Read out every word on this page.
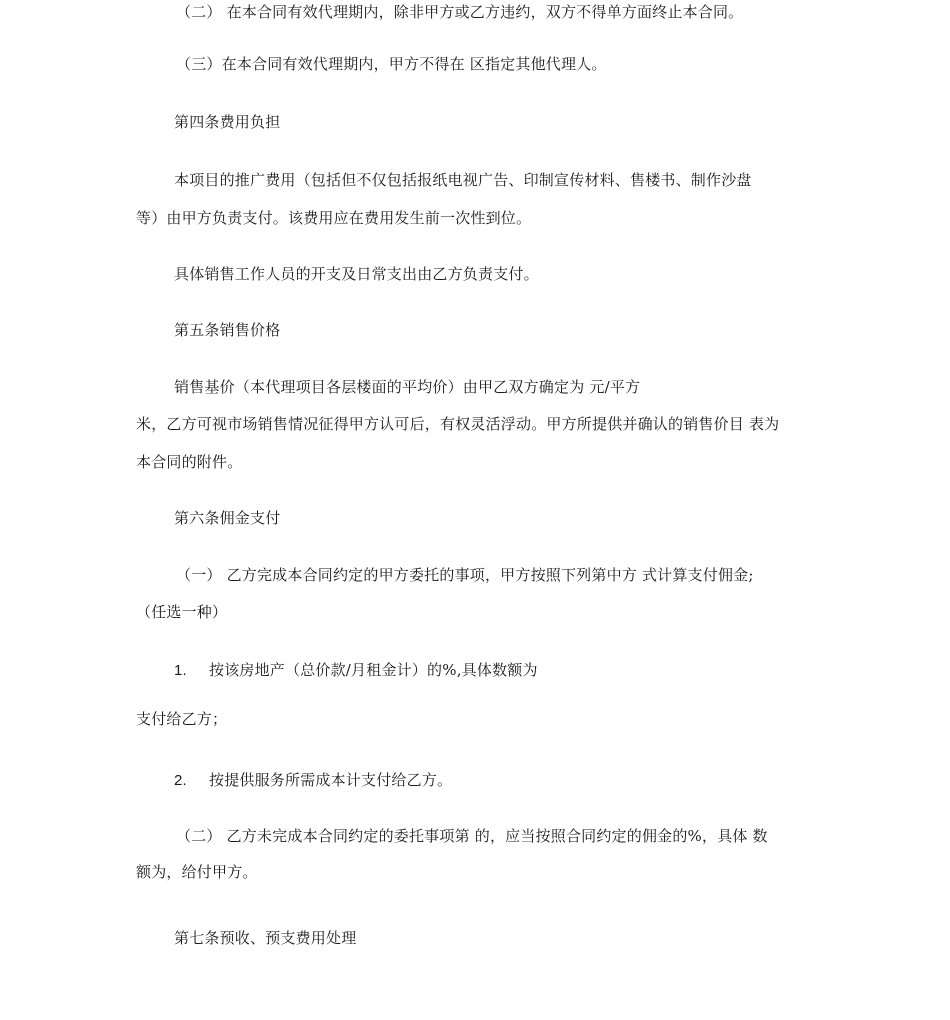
（二） 在本合同有效代理期内，除非甲方或乙方违约，双方不得单方面终止本合同。
（三）在本合同有效代理期内，甲方不得在 区指定其他代理人。
第四条费用负担
本项目的推广费用（包括但不仅包括报纸电视广告、印制宣传材料、售楼书、制作沙盘
等）由甲方负责支付。该费用应在费用发生前一次性到位。
具体销售工作人员的开支及日常支出由乙方负责支付。
第五条销售价格
销售基价（本代理项目各层楼面的平均价）由甲乙双方确定为 元/平方
米，乙方可视市场销售情况征得甲方认可后，有权灵活浮动。甲方所提供并确认的销售价目 表为
本合同的附件。
第六条佣金支付
（一） 乙方完成本合同约定的甲方委托的事项，甲方按照下列第中方 式计算支付佣金;
（任选一种）
1. 按该房地产（总价款/月租金计）的%,具体数额为
支付给乙方；
2. 按提供服务所需成本计支付给乙方。
（二） 乙方未完成本合同约定的委托事项第 的，应当按照合同约定的佣金的%，具体 数
额为，给付甲方。
第七条预收、预支费用处理
